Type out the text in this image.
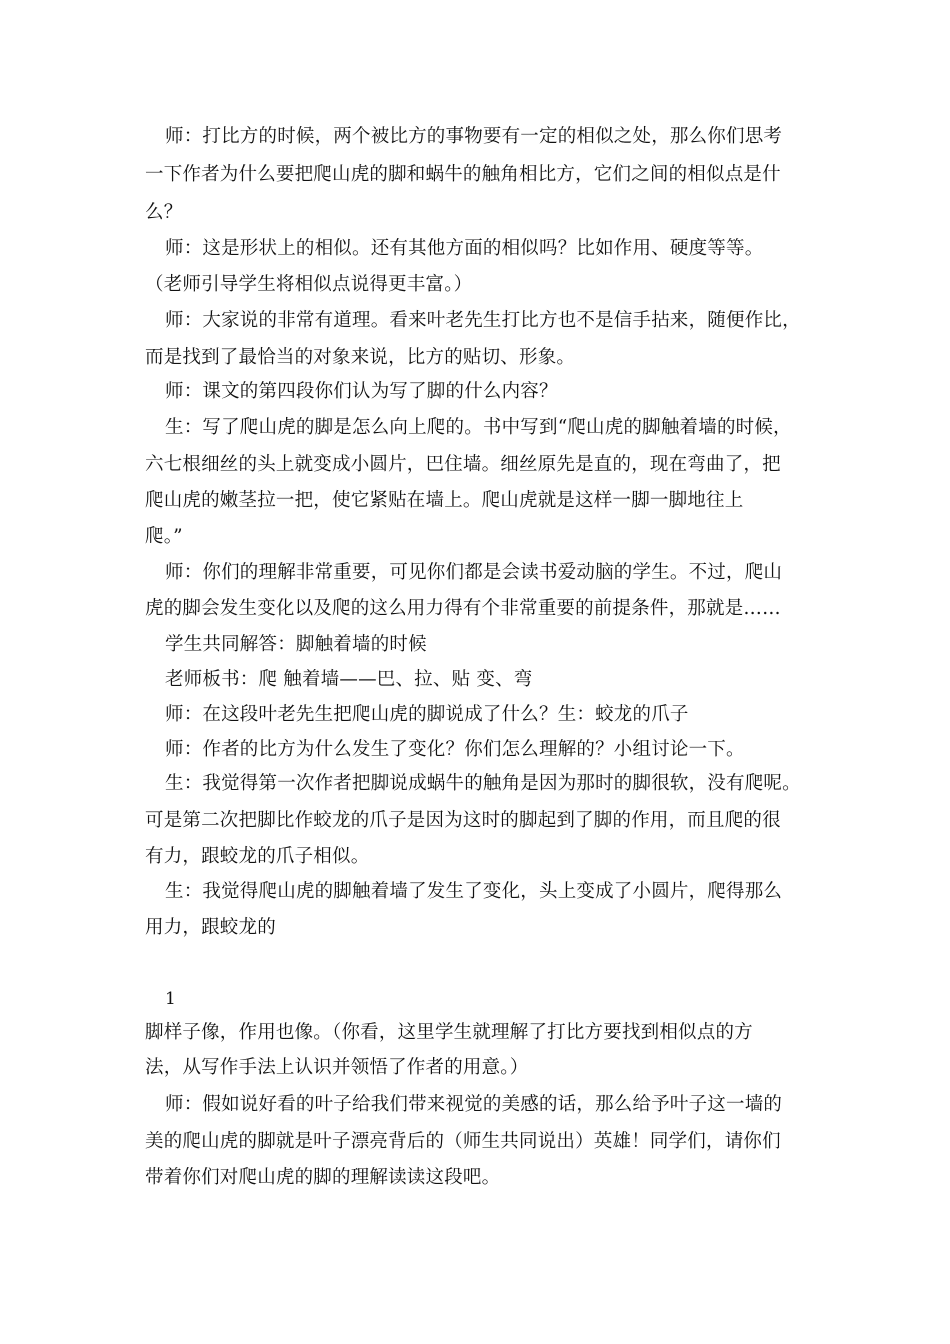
师：打比方的时候，两个被比方的事物要有一定的相似之处，那么你们思考
一下作者为什么要把爬山虎的脚和蜗牛的触角相比方，它们之间的相似点是什
么？
师：这是形状上的相似。还有其他方面的相似吗？比如作用、硬度等等。
（老师引导学生将相似点说得更丰富。）
师：大家说的非常有道理。看来叶老先生打比方也不是信手拈来，随便作比，
而是找到了最恰当的对象来说，比方的贴切、形象。
师：课文的第四段你们认为写了脚的什么内容？
生：写了爬山虎的脚是怎么向上爬的。书中写到“爬山虎的脚触着墙的时候，
六七根细丝的头上就变成小圆片，巴住墙。细丝原先是直的，现在弯曲了，把
爬山虎的嫩茎拉一把，使它紧贴在墙上。爬山虎就是这样一脚一脚地往上
爬。”
师：你们的理解非常重要，可见你们都是会读书爱动脑的学生。不过，爬山
虎的脚会发生变化以及爬的这么用力得有个非常重要的前提条件，那就是……
学生共同解答：脚触着墙的时候
老师板书：爬 触着墙——巴、拉、贴 变、弯
师：在这段叶老先生把爬山虎的脚说成了什么？生：蛟龙的爪子
师：作者的比方为什么发生了变化？你们怎么理解的？小组讨论一下。
生：我觉得第一次作者把脚说成蜗牛的触角是因为那时的脚很软，没有爬呢。
可是第二次把脚比作蛟龙的爪子是因为这时的脚起到了脚的作用，而且爬的很
有力，跟蛟龙的爪子相似。
生：我觉得爬山虎的脚触着墙了发生了变化，头上变成了小圆片，爬得那么
用力，跟蛟龙的
1
脚样子像，作用也像。（你看，这里学生就理解了打比方要找到相似点的方
法，从写作手法上认识并领悟了作者的用意。）
师：假如说好看的叶子给我们带来视觉的美感的话，那么给予叶子这一墙的
美的爬山虎的脚就是叶子漂亮背后的（师生共同说出）英雄！同学们，请你们
带着你们对爬山虎的脚的理解读读这段吧。
